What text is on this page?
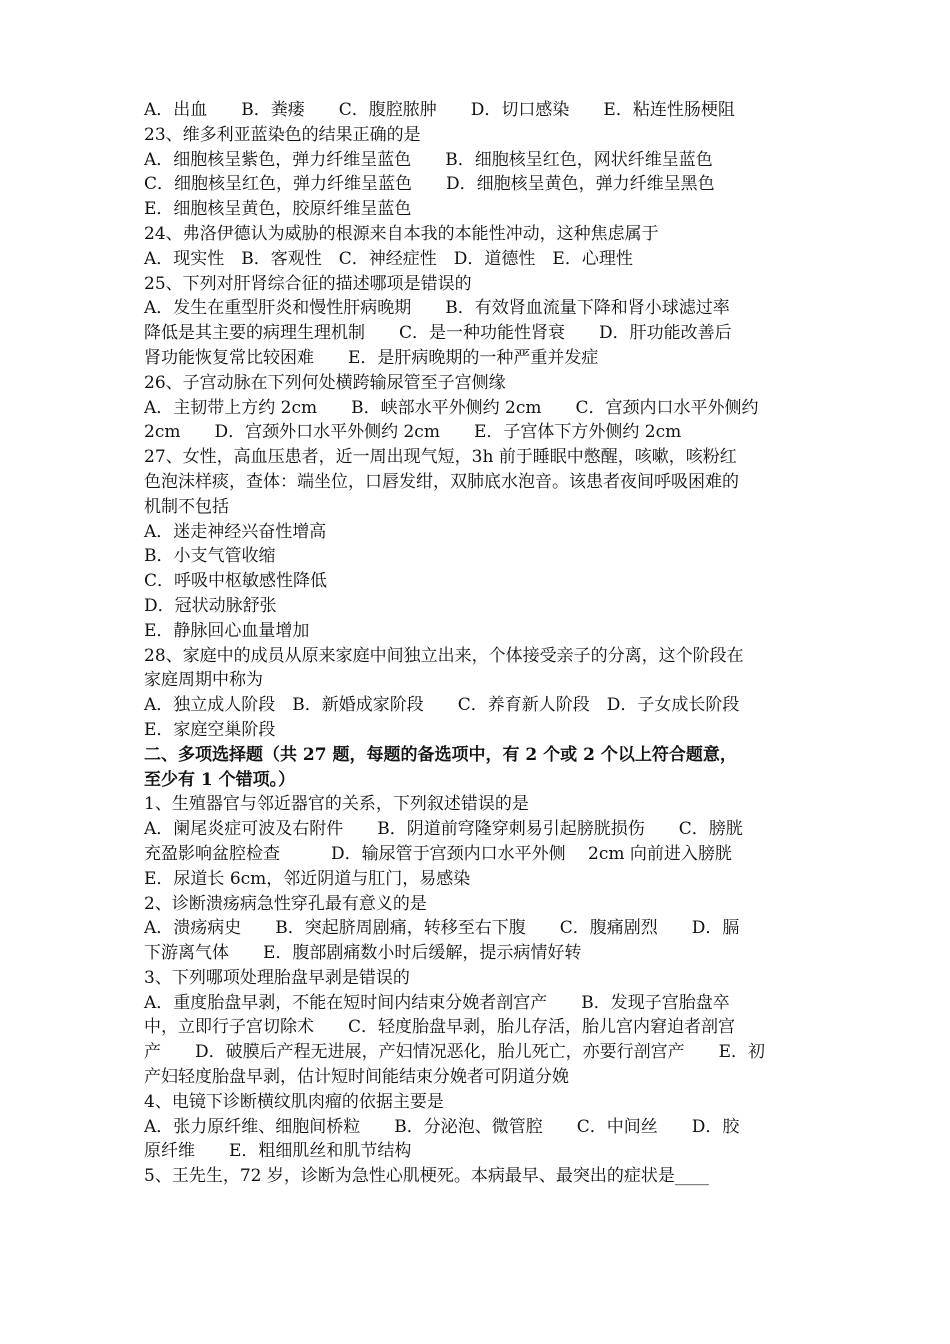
A．出血　　B．粪瘘　　C．腹腔脓肿　　D．切口感染　　E．粘连性肠梗阻
23、维多利亚蓝染色的结果正确的是
A．细胞核呈紫色，弹力纤维呈蓝色　　B．细胞核呈红色，网状纤维呈蓝色
C．细胞核呈红色，弹力纤维呈蓝色　　D．细胞核呈黄色，弹力纤维呈黑色
E．细胞核呈黄色，胶原纤维呈蓝色
24、弗洛伊德认为威胁的根源来自本我的本能性冲动，这种焦虑属于
A．现实性　B．客观性　C．神经症性　D．道德性　E．心理性
25、下列对肝肾综合征的描述哪项是错误的
A．发生在重型肝炎和慢性肝病晚期　　B．有效肾血流量下降和肾小球滤过率
降低是其主要的病理生理机制　　C．是一种功能性肾衰　　D．肝功能改善后
肾功能恢复常比较困难　　E．是肝病晚期的一种严重并发症
26、子宫动脉在下列何处横跨输尿管至子宫侧缘
A．主韧带上方约 2cm　　B．峡部水平外侧约 2cm　　C．宫颈内口水平外侧约
2cm　　D．宫颈外口水平外侧约 2cm　　E．子宫体下方外侧约 2cm
27、女性，高血压患者，近一周出现气短，3h 前于睡眠中憋醒，咳嗽，咳粉红
色泡沫样痰，查体：端坐位，口唇发绀，双肺底水泡音。该患者夜间呼吸困难的
机制不包括
A．迷走神经兴奋性增高
B．小支气管收缩
C．呼吸中枢敏感性降低
D．冠状动脉舒张
E．静脉回心血量增加
28、家庭中的成员从原来家庭中间独立出来，个体接受亲子的分离，这个阶段在
家庭周期中称为
A．独立成人阶段　B．新婚成家阶段　　C．养育新人阶段　D．子女成长阶段
E．家庭空巢阶段
二、多项选择题（共 27 题，每题的备选项中，有 2 个或 2 个以上符合题意，
至少有 1 个错项。）
1、生殖器官与邻近器官的关系，下列叙述错误的是
A．阑尾炎症可波及右附件　　B．阴道前穹隆穿刺易引起膀胱损伤　　C．膀胱
充盈影响盆腔检查　　　D．输尿管于宫颈内口水平外侧　 2cm 向前进入膀胱
E．尿道长 6cm，邻近阴道与肛门，易感染
2、诊断溃疡病急性穿孔最有意义的是
A．溃疡病史　　B．突起脐周剧痛，转移至右下腹　　C．腹痛剧烈　　D．膈
下游离气体　　E．腹部剧痛数小时后缓解，提示病情好转
3、下列哪项处理胎盘早剥是错误的
A．重度胎盘早剥，不能在短时间内结束分娩者剖宫产　　B．发现子宫胎盘卒
中，立即行子宫切除术　　C．轻度胎盘早剥，胎儿存活，胎儿宫内窘迫者剖宫
产　　D．破膜后产程无进展，产妇情况恶化，胎儿死亡，亦要行剖宫产　　E．初
产妇轻度胎盘早剥，估计短时间能结束分娩者可阴道分娩
4、电镜下诊断横纹肌肉瘤的依据主要是
A．张力原纤维、细胞间桥粒　　B．分泌泡、微管腔　　C．中间丝　　D．胶
原纤维　　E．粗细肌丝和肌节结构
5、王先生，72 岁，诊断为急性心肌梗死。本病最早、最突出的症状是____
